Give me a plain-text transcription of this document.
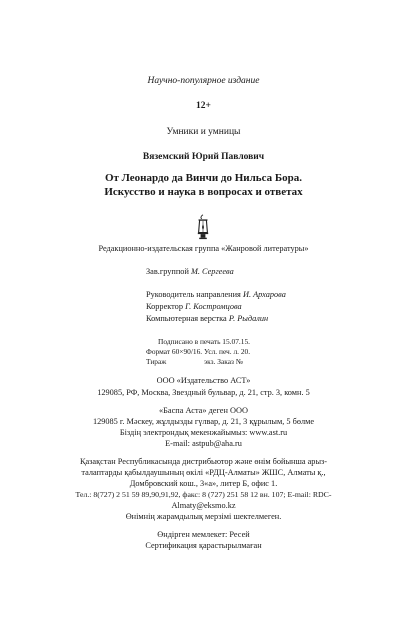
Научно-популярное издание
12+
Умники и умницы
Вяземский Юрий Павлович
От Леонардо да Винчи до Нильса Бора.
Искусство и наука в вопросах и ответах
Редакционно-издательская группа «Жанровой литературы»
Зав.группой М. Сергеева
Руководитель направления И. Архарова
Корректор Г. Костромцова
Компьютерная верстка Р. Рыдалин
Подписано в печать 15.07.15.
Формат 60×90/16. Усл. печ. л. 20.
Тираж	экз. Заказ №
ООО «Издательство АСТ»
129085, РФ, Москва, Звездный бульвар, д. 21, стр. 3, комн. 5
«Баспа Аста» деген ООО
129085 г. Мәскеу, жұлдызды гүлвар, д. 21, 3 құрылым, 5 бөлме
Біздің электрондық мекенжайымыз: www.ast.ru
E-mail: astpub@aha.ru
Қазақстан Республикасында дистрибьютор және өнім бойынша арыз-
талаптарды қабылдаушының өкілі «РДЦ-Алматы» ЖШС, Алматы қ.,
Домбровский кош., 3«а», литер Б, офис 1.
Тел.: 8(727) 2 51 59 89,90,91,92, факс: 8 (727) 251 58 12 вн. 107; E-mail: RDC-
Almaty@eksmo.kz
Өнімнің жарамдылық мерзімі шектелмеген.
Өндірген мемлекет: Ресей
Сертификация қарастырылмаған
